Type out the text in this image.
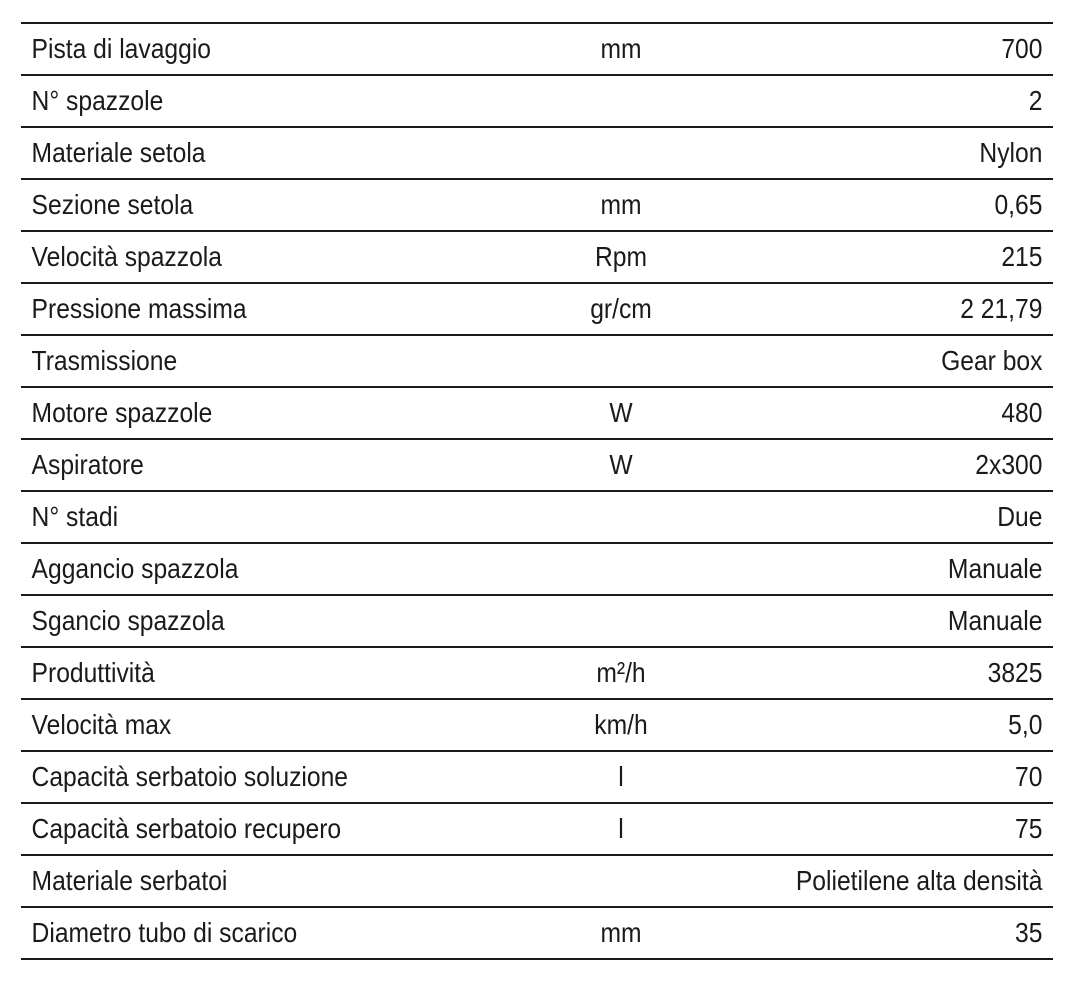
Pista di lavaggio	mm	700
N° spazzole		2
Materiale setola		Nylon
Sezione setola	mm	0,65
Velocità spazzola	Rpm	215
Pressione massima	gr/cm	2 21,79
Trasmissione		Gear box
Motore spazzole	W	480
Aspiratore	W	2x300
N° stadi		Due
Aggancio spazzola		Manuale
Sgancio spazzola		Manuale
Produttività	m²/h	3825
Velocità max	km/h	5,0
Capacità serbatoio soluzione	l	70
Capacità serbatoio recupero	l	75
Materiale serbatoi		Polietilene alta densità
Diametro tubo di scarico	mm	35
